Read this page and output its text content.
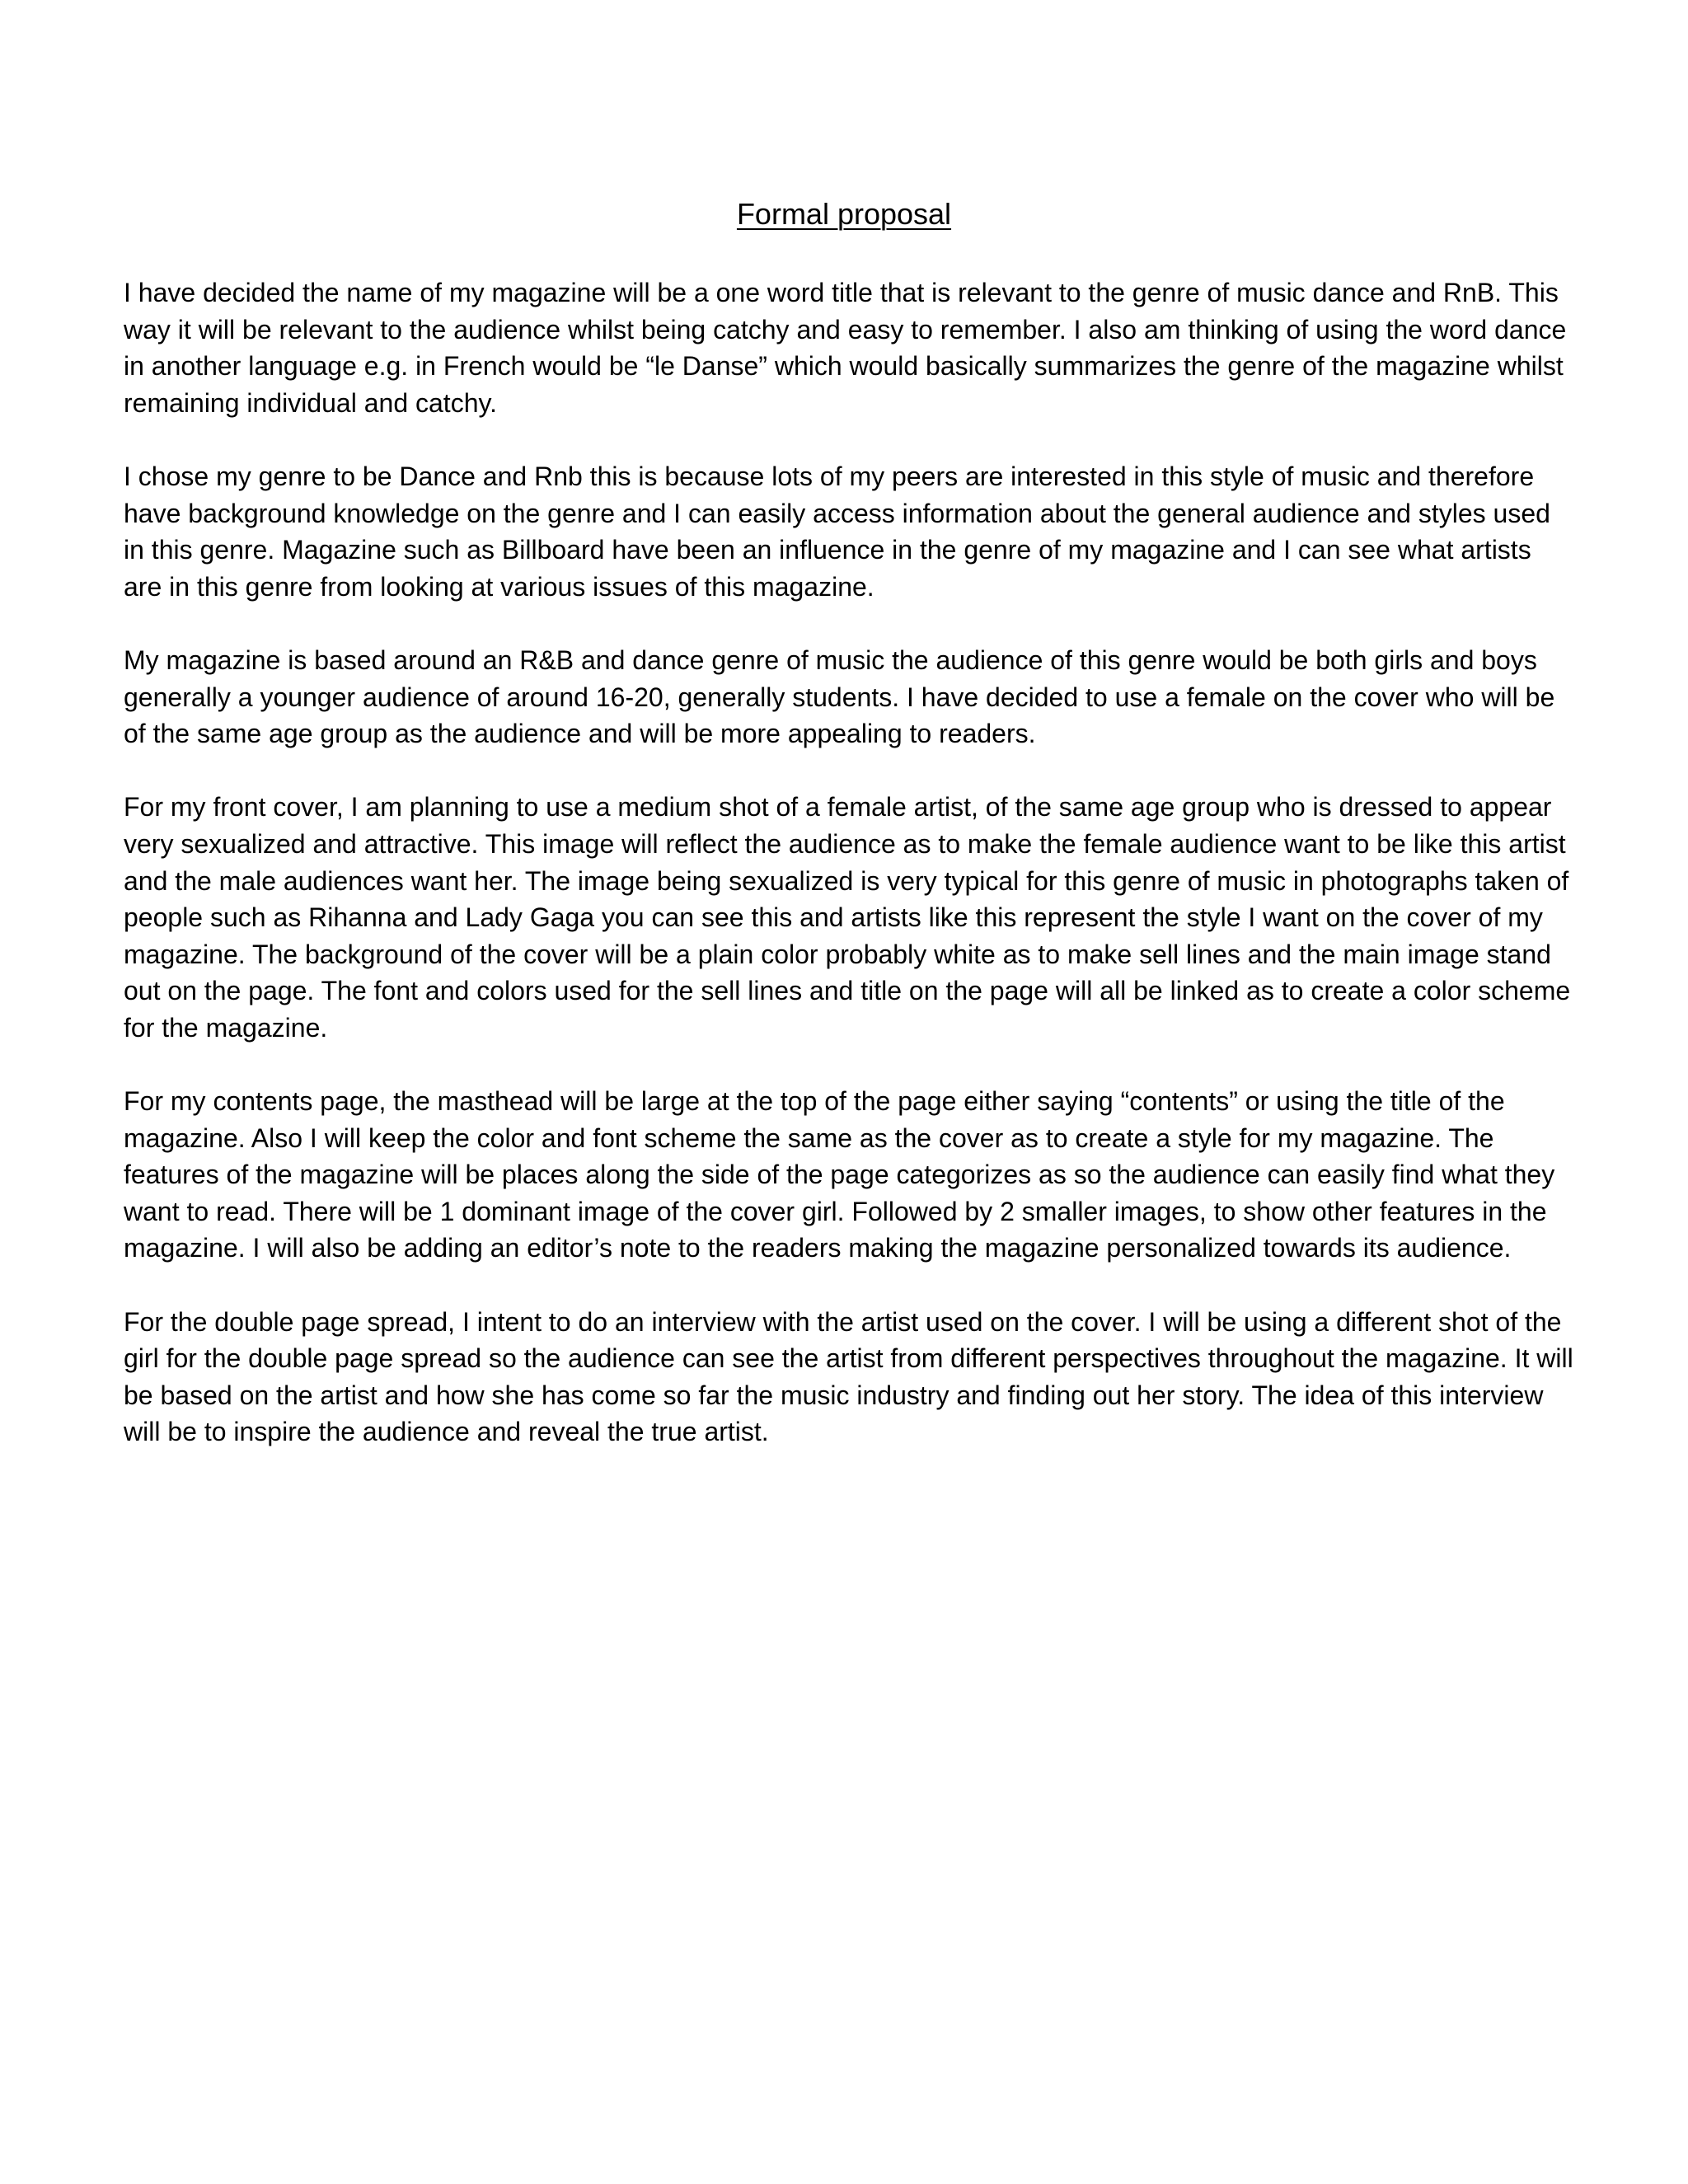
Formal proposal

I have decided the name of my magazine will be a one word title that is relevant to the genre of music dance and RnB. This way it will be relevant to the audience whilst being catchy and easy to remember. I also am thinking of using the word dance in another language e.g. in French would be “le Danse” which would basically summarizes the genre of the magazine whilst remaining individual and catchy.

I chose my genre to be Dance and Rnb this is because lots of my peers are interested in this style of music and therefore have background knowledge on the genre and I can easily access information about the general audience and styles used in this genre. Magazine such as Billboard have been an influence in the genre of my magazine and I can see what artists are in this genre from looking at various issues of this magazine.

My magazine is based around an R&B and dance genre of music the audience of this genre would be both girls and boys generally a younger audience of around 16-20, generally students. I have decided to use a female on the cover who will be of the same age group as the audience and will be more appealing to readers.

For my front cover, I am planning to use a medium shot of a female artist, of the same age group who is dressed to appear very sexualized and attractive. This image will reflect the audience as to make the female audience want to be like this artist and the male audiences want her. The image being sexualized is very typical for this genre of music in photographs taken of people such as Rihanna and Lady Gaga you can see this and artists like this represent the style I want on the cover of my magazine. The background of the cover will be a plain color probably white as to make sell lines and the main image stand out on the page. The font and colors used for the sell lines and title on the page will all be linked as to create a color scheme for the magazine.

For my contents page, the masthead will be large at the top of the page either saying “contents” or using the title of the magazine. Also I will keep the color and font scheme the same as the cover as to create a style for my magazine. The features of the magazine will be places along the side of the page categorizes as so the audience can easily find what they want to read. There will be 1 dominant image of the cover girl. Followed by 2 smaller images, to show other features in the magazine. I will also be adding an editor’s note to the readers making the magazine personalized towards its audience.

For the double page spread, I intent to do an interview with the artist used on the cover. I will be using a different shot of the girl for the double page spread so the audience can see the artist from different perspectives throughout the magazine. It will be based on the artist and how she has come so far the music industry and finding out her story. The idea of this interview will be to inspire the audience and reveal the true artist.
